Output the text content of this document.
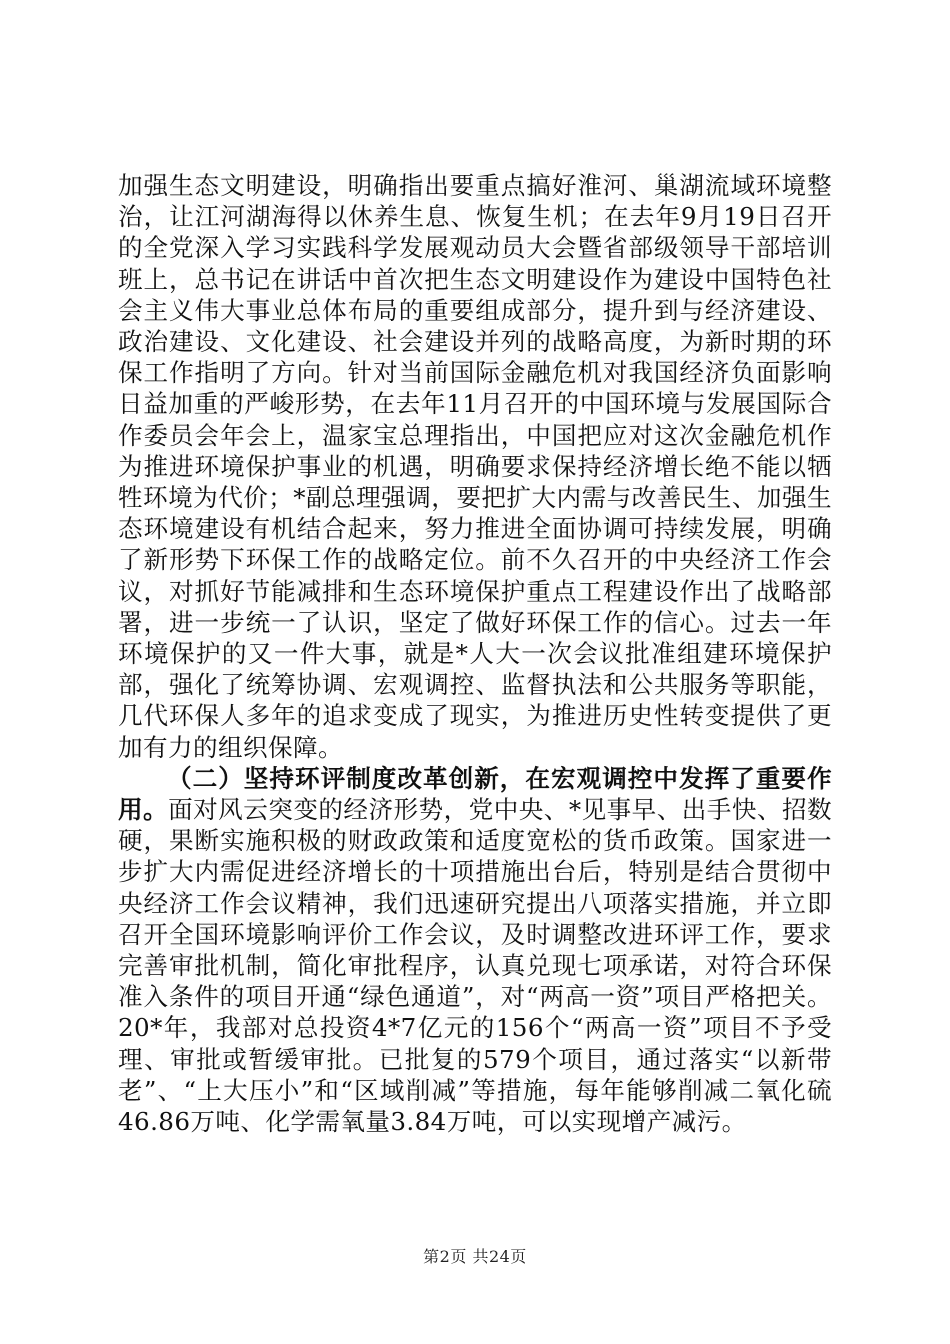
加强生态文明建设，明确指出要重点搞好淮河、巢湖流域环境整治，让江河湖海得以休养生息、恢复生机；在去年9月19日召开的全党深入学习实践科学发展观动员大会暨省部级领导干部培训班上，总书记在讲话中首次把生态文明建设作为建设中国特色社会主义伟大事业总体布局的重要组成部分，提升到与经济建设、政治建设、文化建设、社会建设并列的战略高度，为新时期的环保工作指明了方向。针对当前国际金融危机对我国经济负面影响日益加重的严峻形势，在去年11月召开的中国环境与发展国际合作委员会年会上，温家宝总理指出，中国把应对这次金融危机作为推进环境保护事业的机遇，明确要求保持经济增长绝不能以牺牲环境为代价；*副总理强调，要把扩大内需与改善民生、加强生态环境建设有机结合起来，努力推进全面协调可持续发展，明确了新形势下环保工作的战略定位。前不久召开的中央经济工作会议，对抓好节能减排和生态环境保护重点工程建设作出了战略部署，进一步统一了认识，坚定了做好环保工作的信心。过去一年环境保护的又一件大事，就是*人大一次会议批准组建环境保护部，强化了统筹协调、宏观调控、监督执法和公共服务等职能，几代环保人多年的追求变成了现实，为推进历史性转变提供了更加有力的组织保障。

（二）坚持环评制度改革创新，在宏观调控中发挥了重要作用。面对风云突变的经济形势，党中央、*见事早、出手快、招数硬，果断实施积极的财政政策和适度宽松的货币政策。国家进一步扩大内需促进经济增长的十项措施出台后，特别是结合贯彻中央经济工作会议精神，我们迅速研究提出八项落实措施，并立即召开全国环境影响评价工作会议，及时调整改进环评工作，要求完善审批机制，简化审批程序，认真兑现七项承诺，对符合环保准入条件的项目开通“绿色通道”，对“两高一资”项目严格把关。20*年，我部对总投资4*7亿元的156个“两高一资”项目不予受理、审批或暂缓审批。已批复的579个项目，通过落实“以新带老”、“上大压小”和“区域削减”等措施，每年能够削减二氧化硫46.86万吨、化学需氧量3.84万吨，可以实现增产减污。

第2页 共24页
